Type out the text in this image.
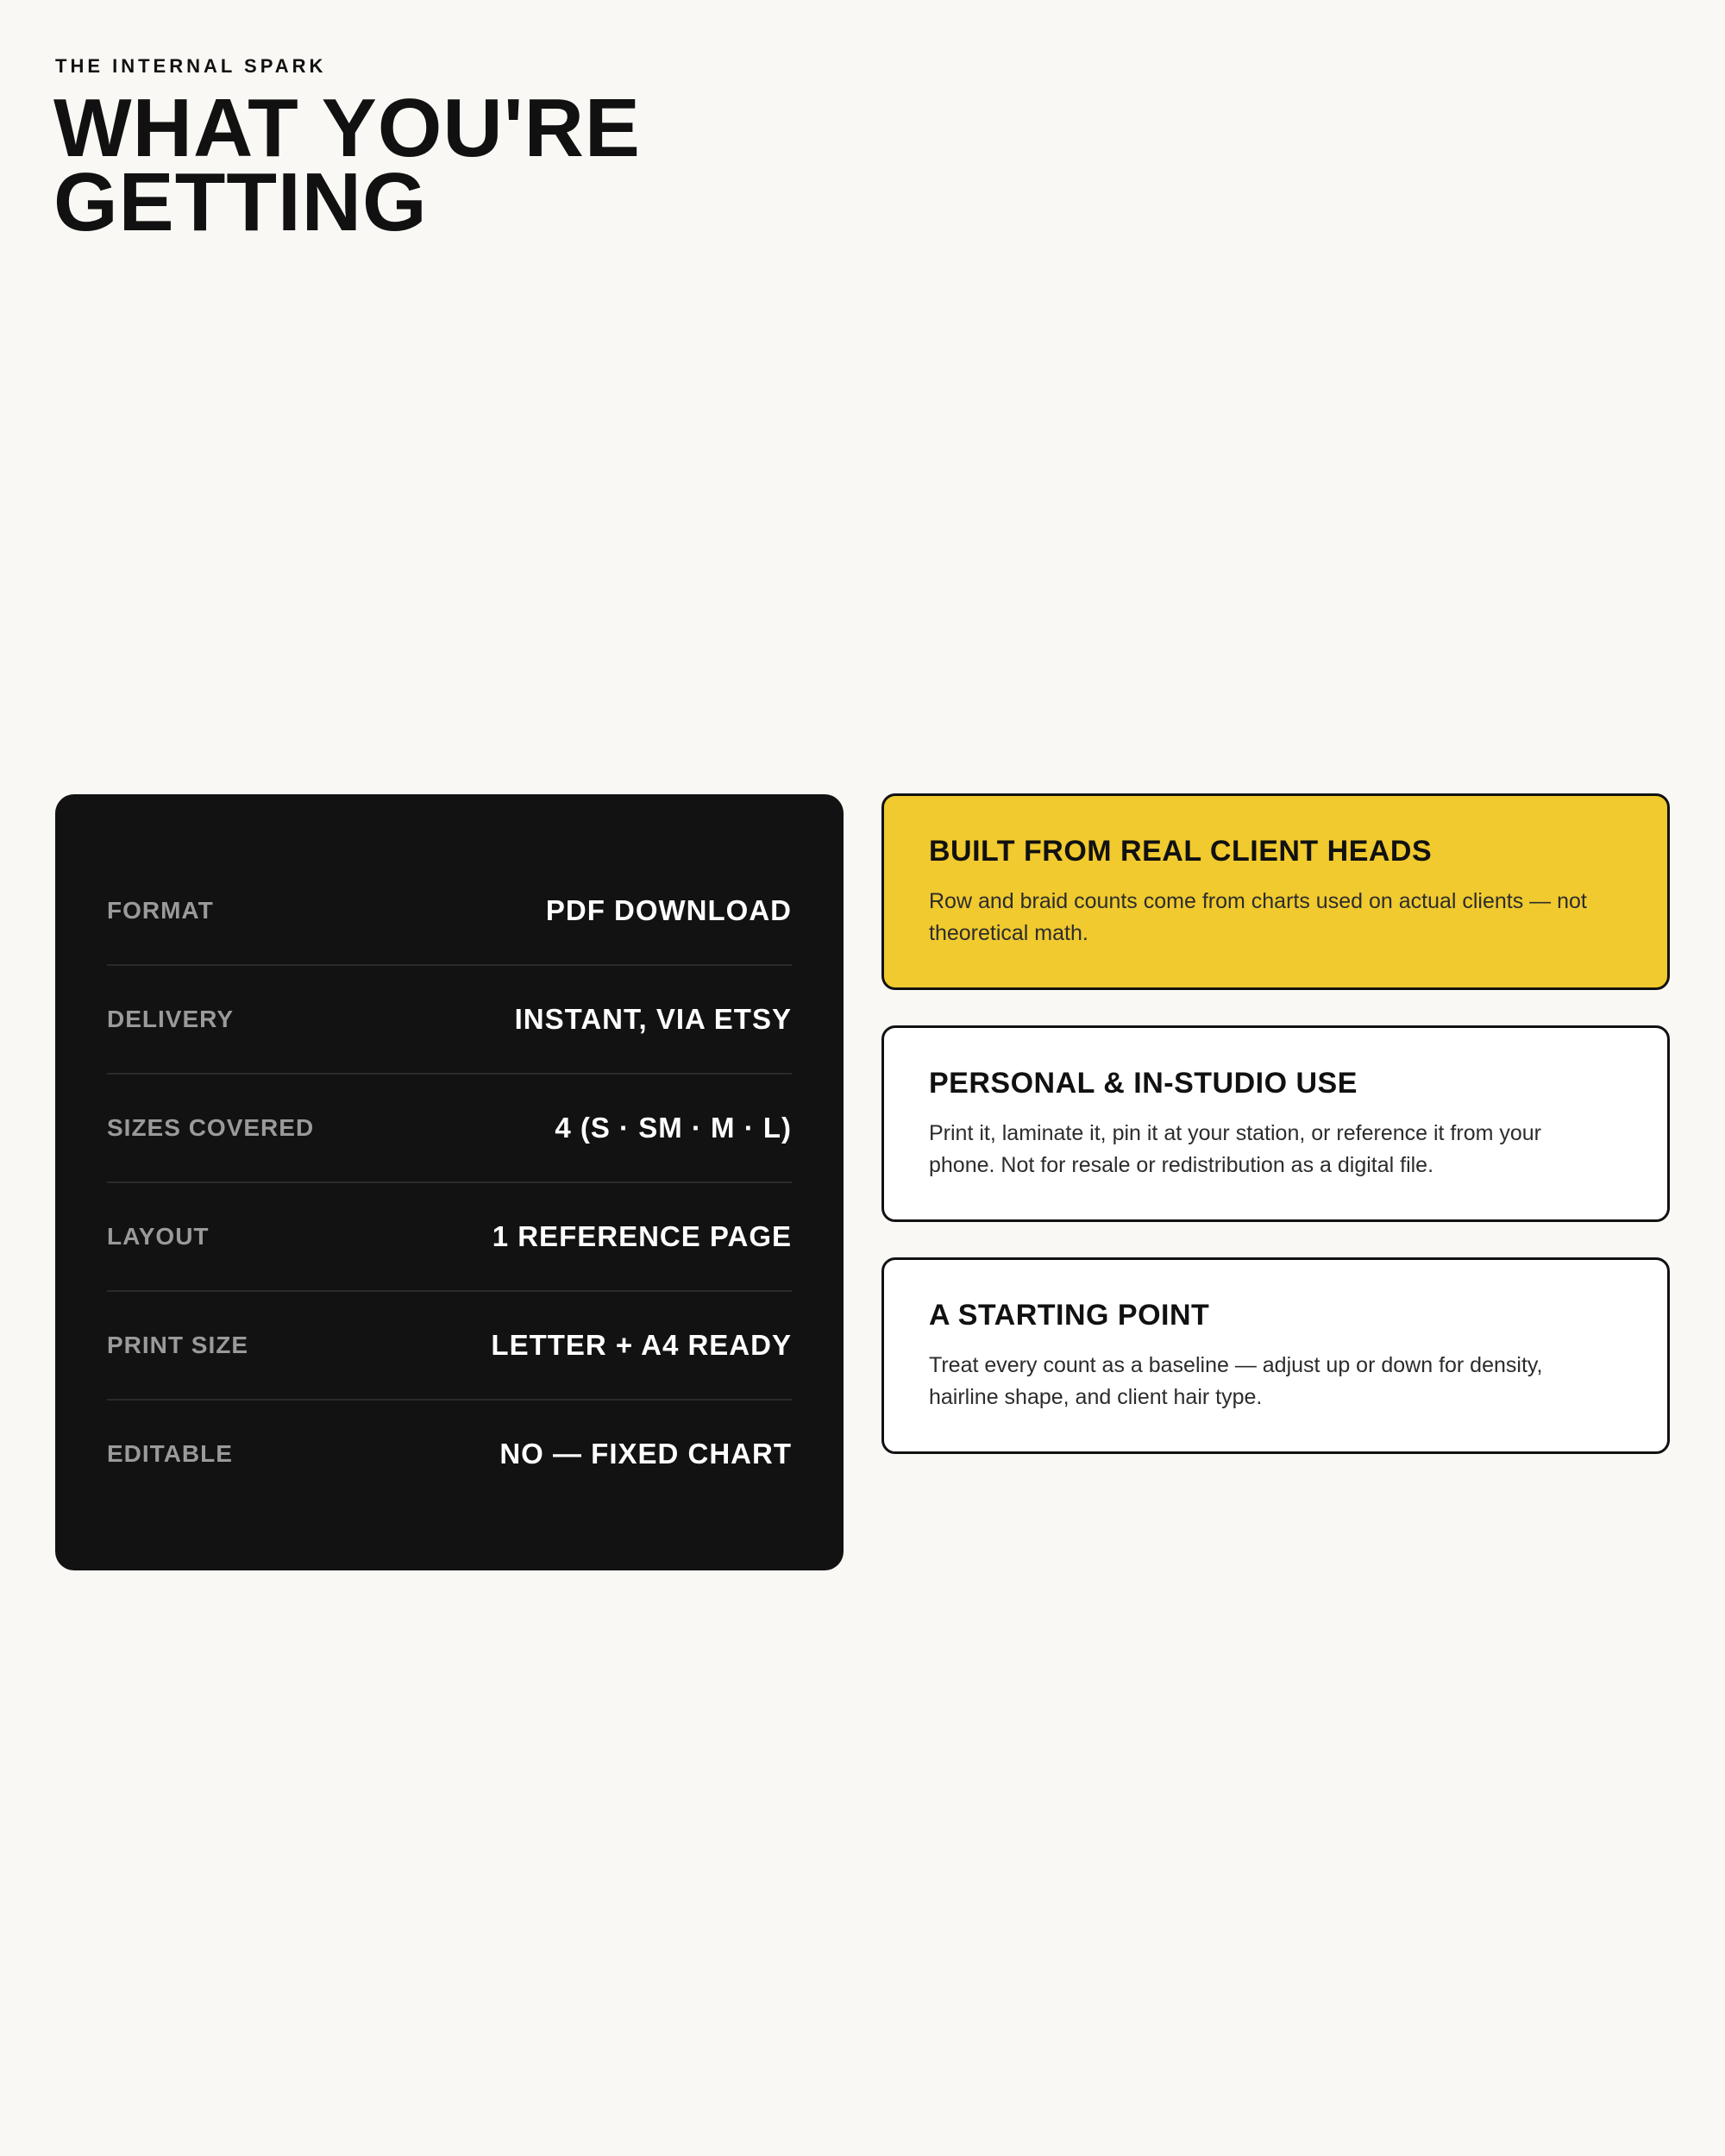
THE INTERNAL SPARK
WHAT YOU'RE
GETTING
FORMAT	PDF DOWNLOAD
DELIVERY	INSTANT, VIA ETSY
SIZES COVERED	4 (S · SM · M · L)
LAYOUT	1 REFERENCE PAGE
PRINT SIZE	LETTER + A4 READY
EDITABLE	NO — FIXED CHART
BUILT FROM REAL CLIENT HEADS

Row and braid counts come from charts used on actual clients — not theoretical math.

PERSONAL & IN-STUDIO USE

Print it, laminate it, pin it at your station, or reference it from your phone. Not for resale or redistribution as a digital file.

A STARTING POINT

Treat every count as a baseline — adjust up or down for density, hairline shape, and client hair type.
